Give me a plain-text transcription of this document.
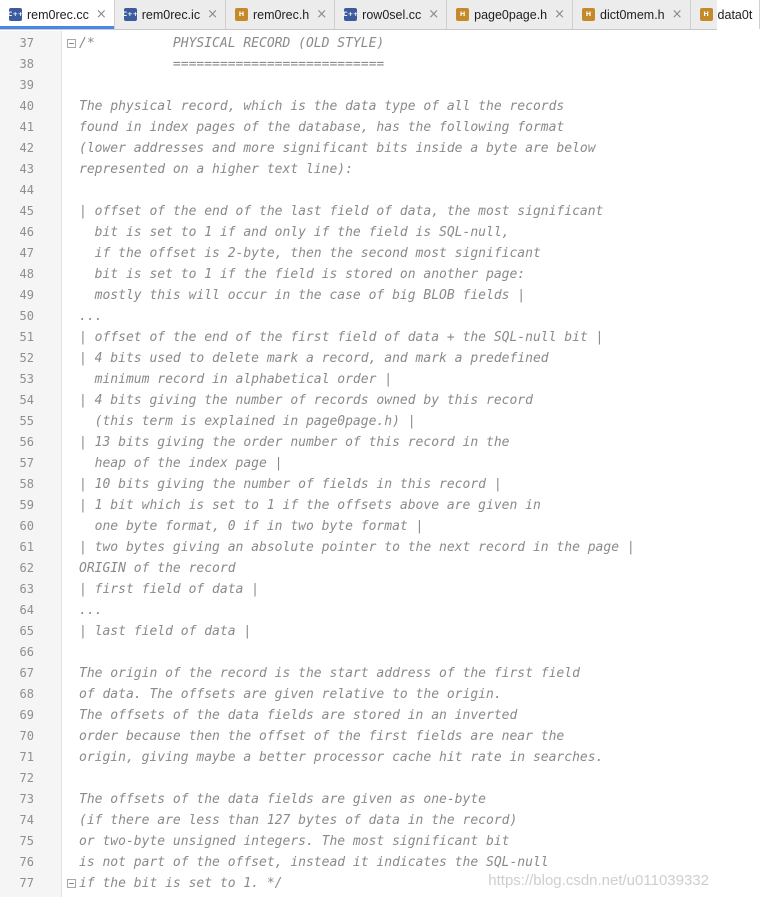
C++ rem0rec.cc × C++ rem0rec.ic ×	H rem0rec.h × C++ row0sel.cc ×	H page0page.h ×	H dict0mem.h ×	H data0t
37	/*          PHYSICAL RECORD (OLD STYLE)
38	===========================
39
40	The physical record, which is the data type of all the records
41	found in index pages of the database, has the following format
42	(lower addresses and more significant bits inside a byte are below
43	represented on a higher text line):
44
45	| offset of the end of the last field of data, the most significant
46	bit is set to 1 if and only if the field is SQL-null,
47	if the offset is 2-byte, then the second most significant
48	bit is set to 1 if the field is stored on another page:
49	mostly this will occur in the case of big BLOB fields |
50	...
51	| offset of the end of the first field of data + the SQL-null bit |
52	| 4 bits used to delete mark a record, and mark a predefined
53	minimum record in alphabetical order |
54	| 4 bits giving the number of records owned by this record
55	(this term is explained in page0page.h) |
56	| 13 bits giving the order number of this record in the
57	heap of the index page |
58	| 10 bits giving the number of fields in this record |
59	| 1 bit which is set to 1 if the offsets above are given in
60	one byte format, 0 if in two byte format |
61	| two bytes giving an absolute pointer to the next record in the page |
62	ORIGIN of the record
63	| first field of data |
64	...
65	| last field of data |
66
67	The origin of the record is the start address of the first field
68	of data. The offsets are given relative to the origin.
69	The offsets of the data fields are stored in an inverted
70	order because then the offset of the first fields are near the
71	origin, giving maybe a better processor cache hit rate in searches.
72
73	The offsets of the data fields are given as one-byte
74	(if there are less than 127 bytes of data in the record)
75	or two-byte unsigned integers. The most significant bit
76	is not part of the offset, instead it indicates the SQL-null
77	if the bit is set to 1. */	https://blog.csdn.net/u011039332
